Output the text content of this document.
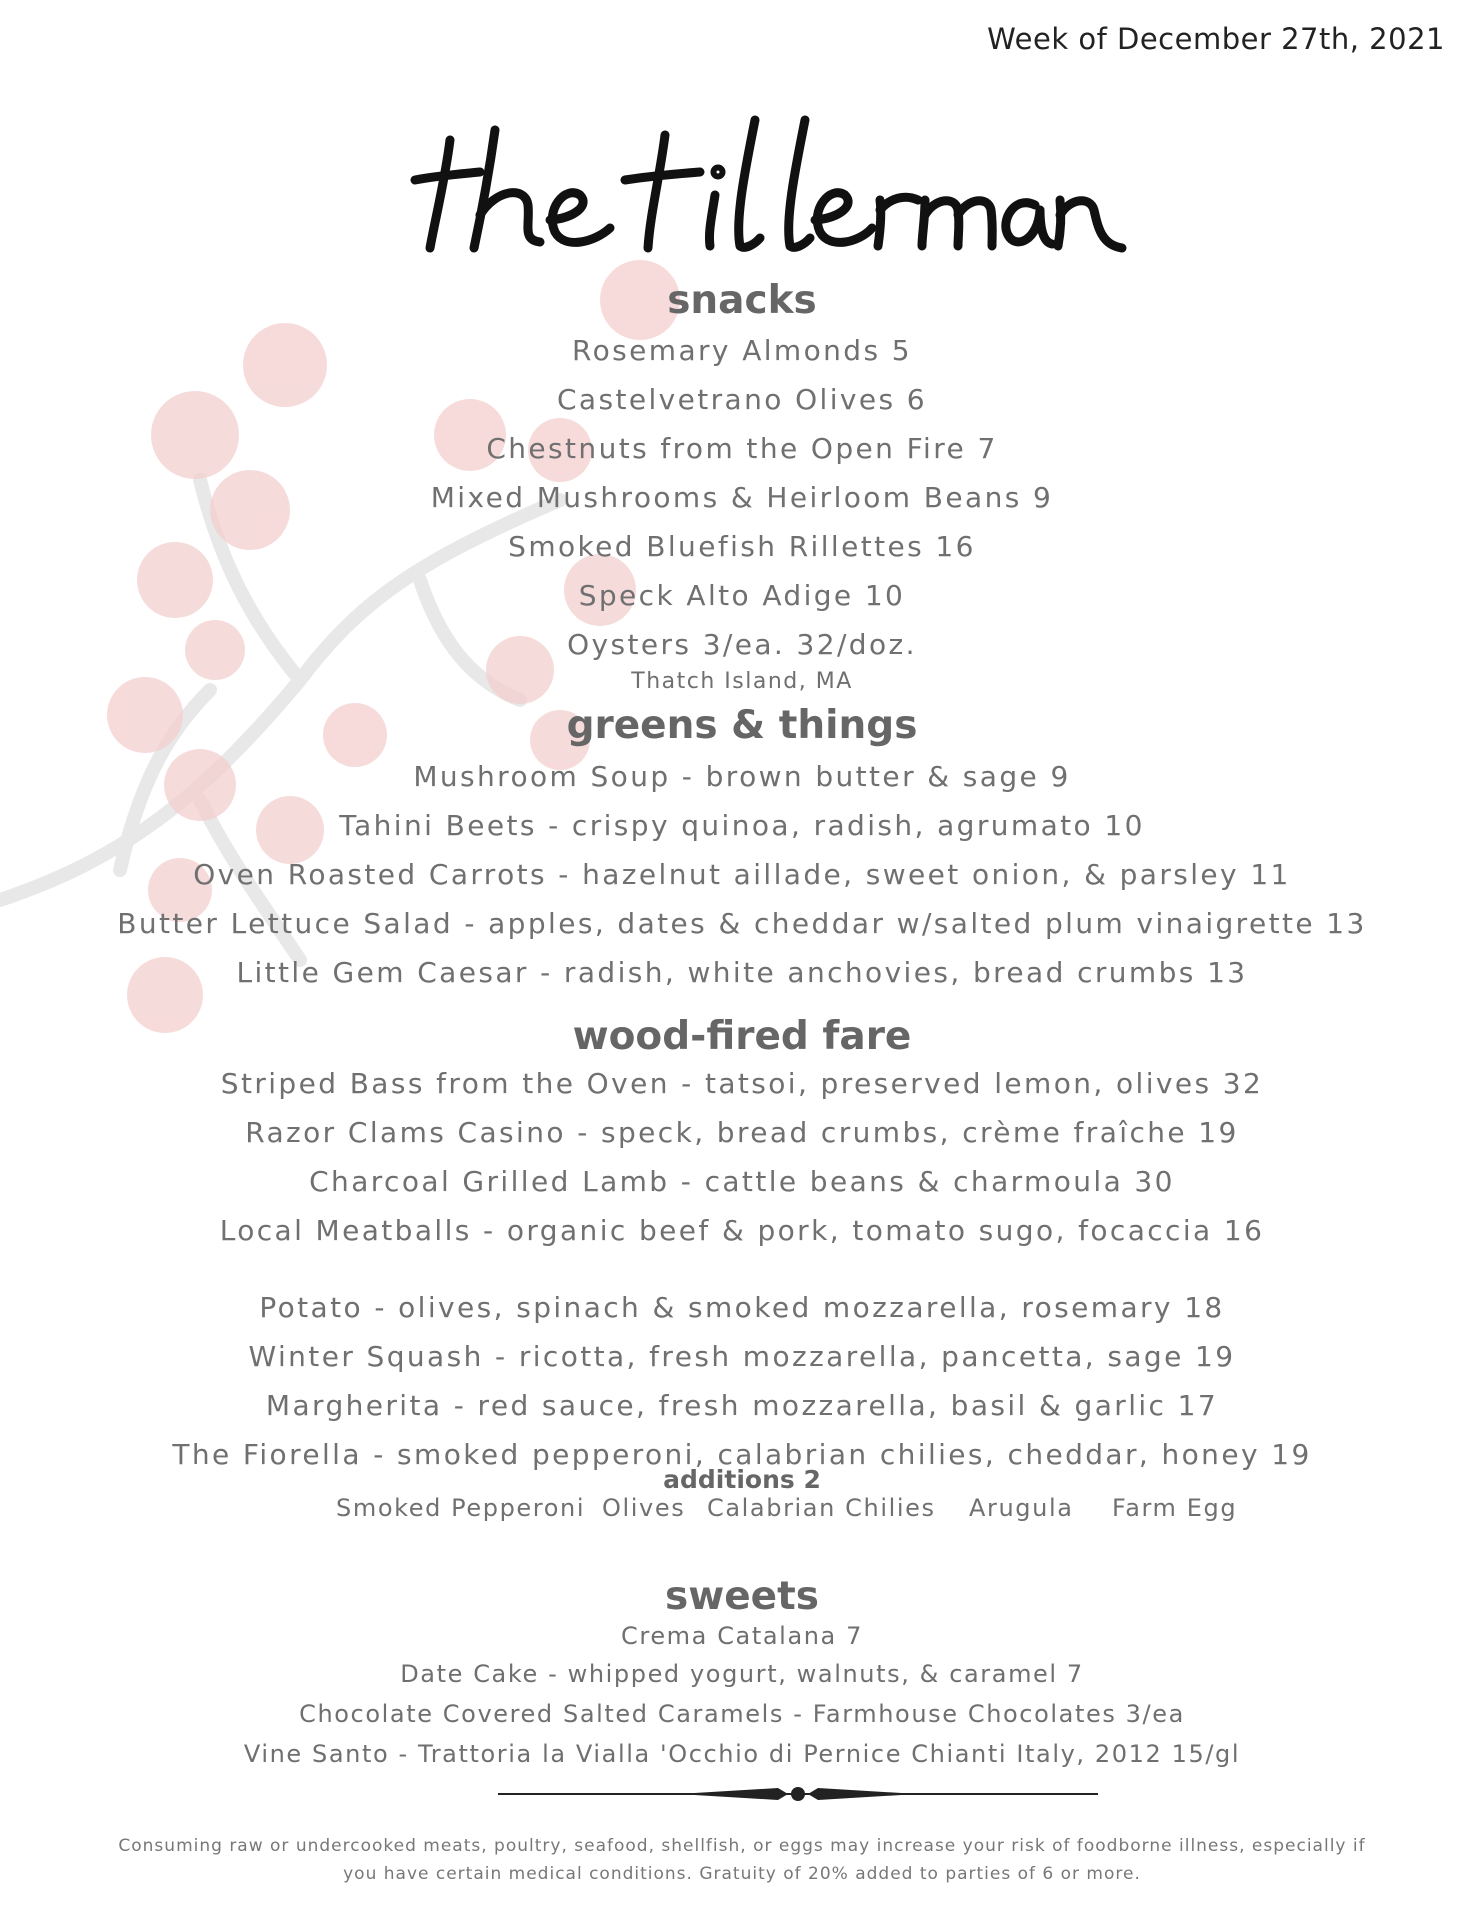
Week of December 27th, 2021
snacks
Rosemary Almonds 5
Castelvetrano Olives 6
Chestnuts from the Open Fire 7
Mixed Mushrooms & Heirloom Beans 9
Smoked Bluefish Rillettes 16
Speck Alto Adige 10
Oysters 3/ea. 32/doz.
Thatch Island, MA
greens & things
Mushroom Soup - brown butter & sage 9
Tahini Beets - crispy quinoa, radish, agrumato 10
Oven Roasted Carrots - hazelnut aillade, sweet onion, & parsley 11
Butter Lettuce Salad - apples, dates & cheddar w/salted plum vinaigrette 13
Little Gem Caesar - radish, white anchovies, bread crumbs 13
wood-fired fare
Striped Bass from the Oven - tatsoi, preserved lemon, olives 32
Razor Clams Casino - speck, bread crumbs, crème fraîche 19
Charcoal Grilled Lamb - cattle beans & charmoula 30
Local Meatballs - organic beef & pork, tomato sugo, focaccia 16
Potato - olives, spinach & smoked mozzarella, rosemary 18
Winter Squash - ricotta, fresh mozzarella, pancetta, sage 19
Margherita - red sauce, fresh mozzarella, basil & garlic 17
The Fiorella - smoked pepperoni, calabrian chilies, cheddar, honey 19
additions 2
Smoked Pepperoni Olives Calabrian Chilies Arugula Farm Egg
sweets
Crema Catalana 7
Date Cake - whipped yogurt, walnuts, & caramel 7
Chocolate Covered Salted Caramels - Farmhouse Chocolates 3/ea
Vine Santo - Trattoria la Vialla 'Occhio di Pernice Chianti Italy, 2012 15/gl
Consuming raw or undercooked meats, poultry, seafood, shellfish, or eggs may increase your risk of foodborne illness, especially if
you have certain medical conditions. Gratuity of 20% added to parties of 6 or more.
